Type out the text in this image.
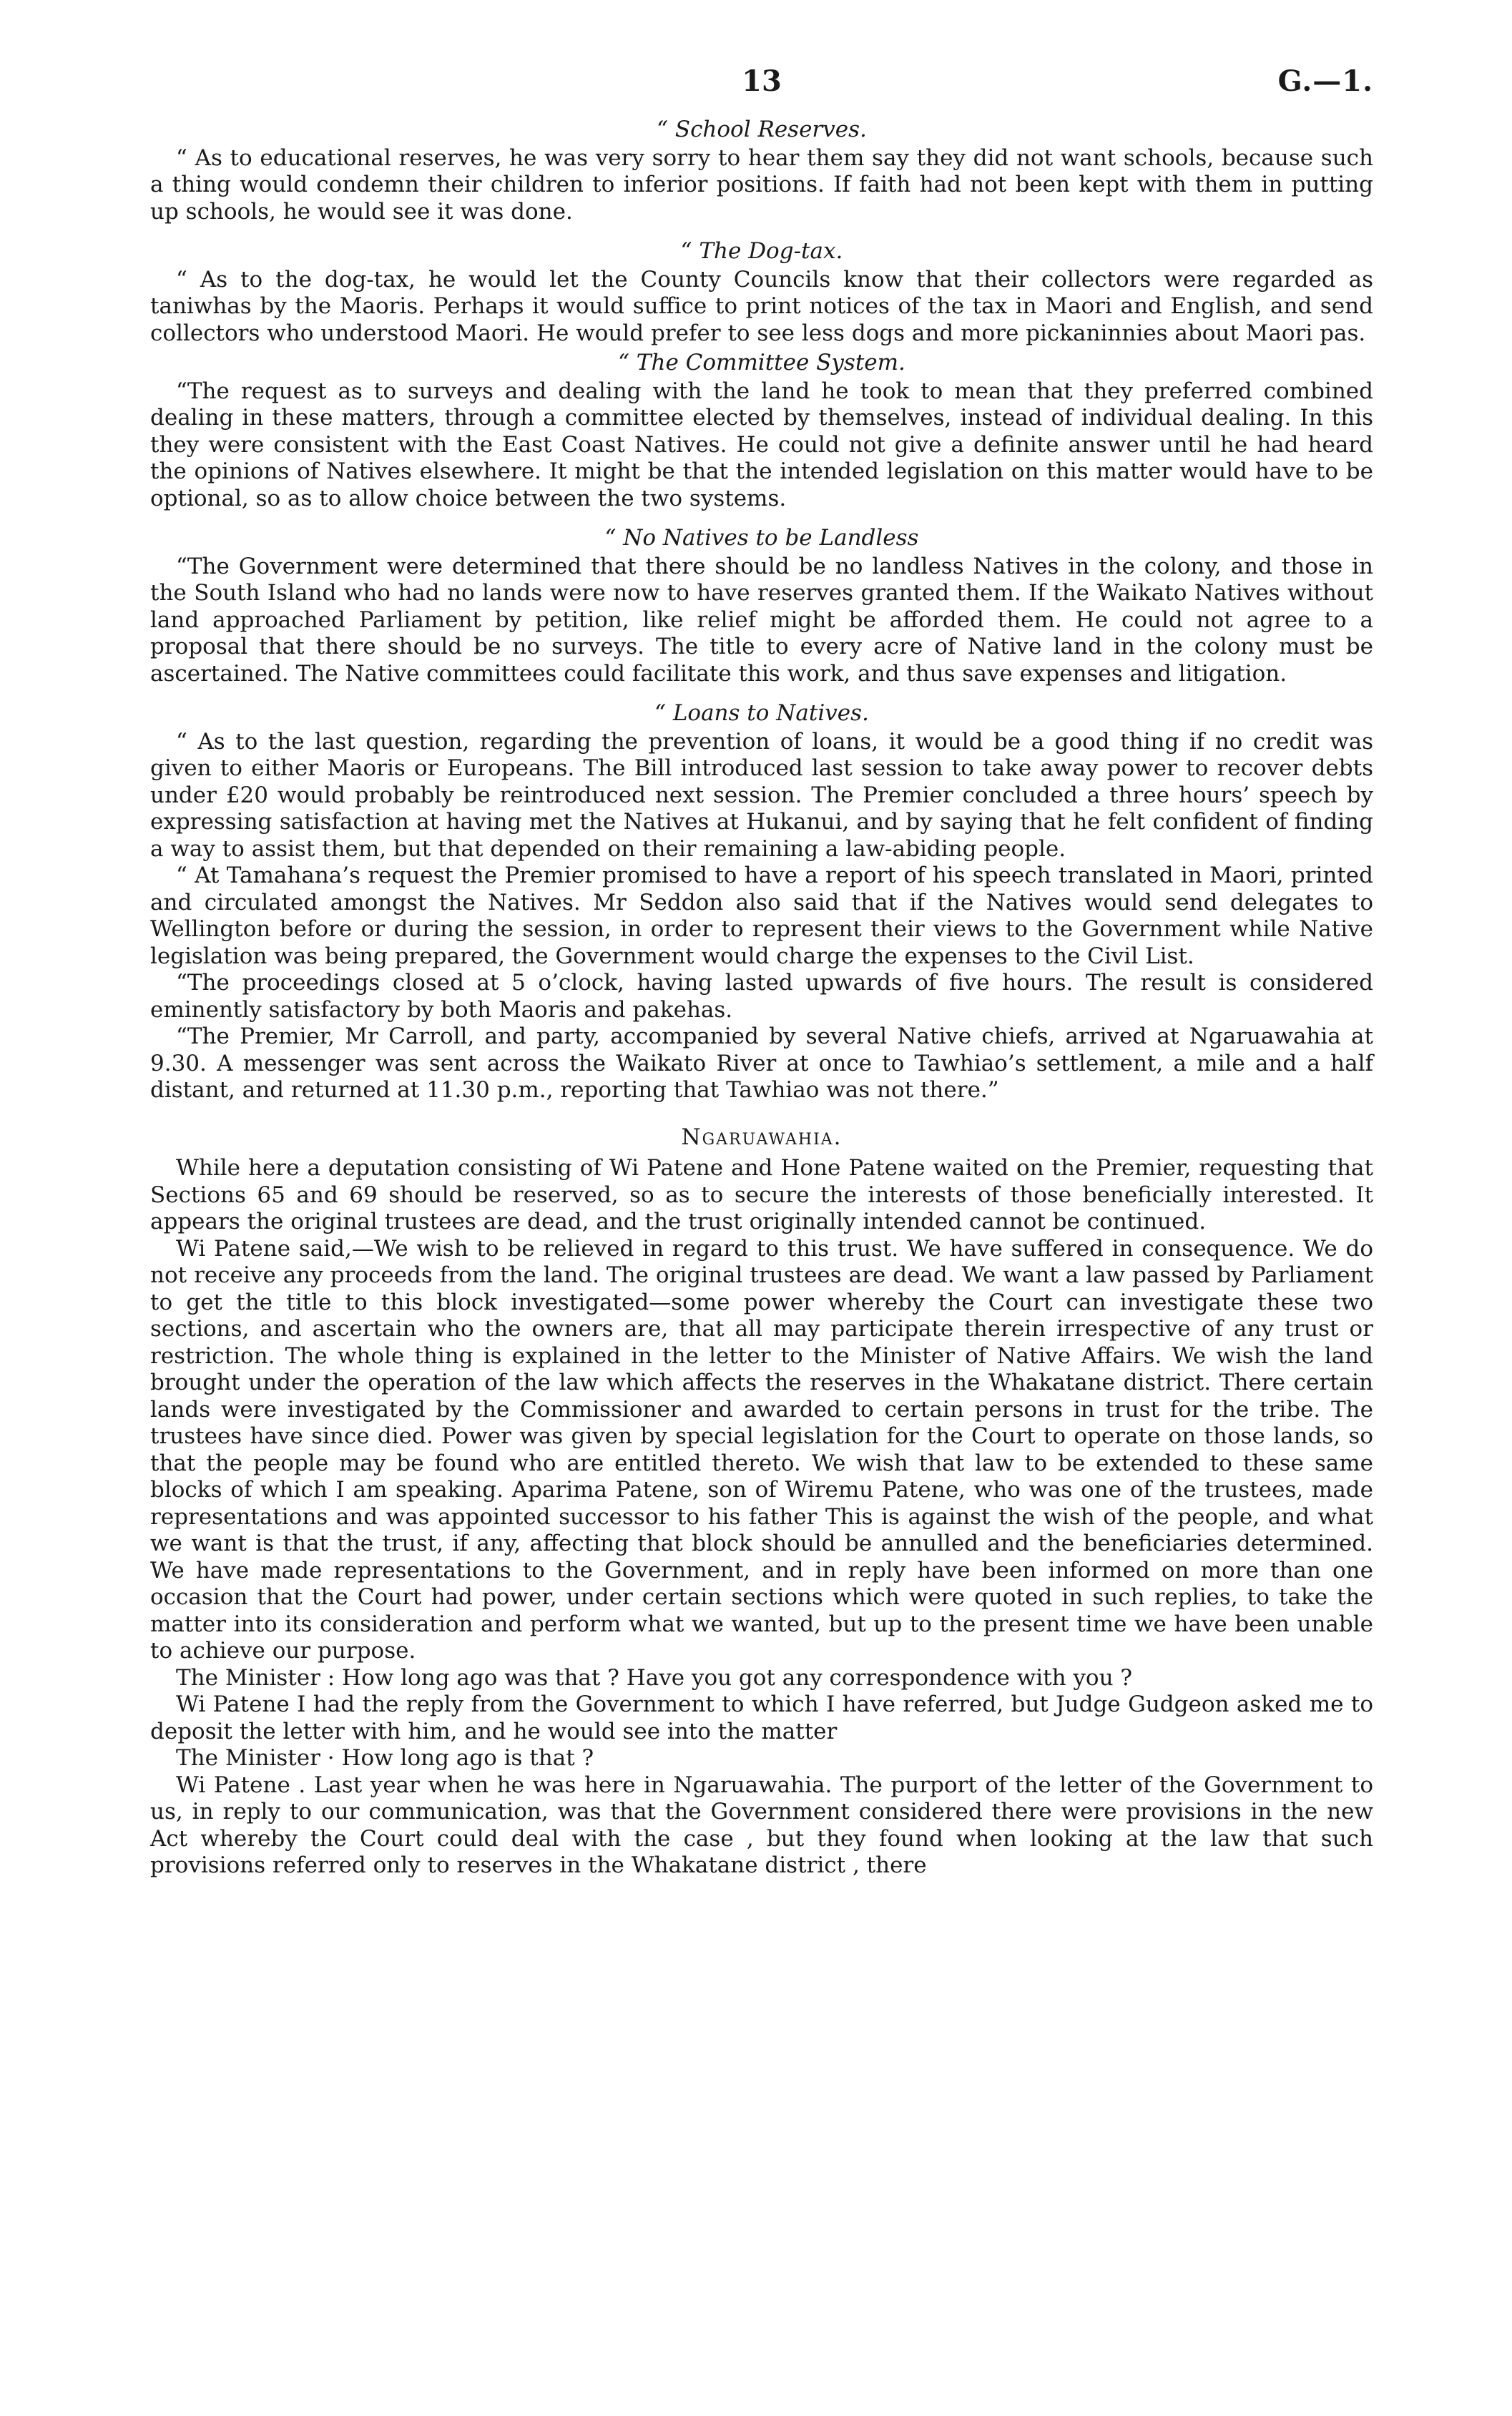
13	G.—1.
“ School Reserves.

“ As to educational reserves, he was very sorry to hear them say they did not want schools, because such a thing would condemn their children to inferior positions. If faith had not been kept with them in putting up schools, he would see it was done.

“ The Dog-tax.

“ As to the dog-tax, he would let the County Councils know that their collectors were regarded as taniwhas by the Maoris. Perhaps it would suffice to print notices of the tax in Maori and English, and send collectors who understood Maori. He would prefer to see less dogs and more pickaninnies about Maori pas.

“ The Committee System.

“The request as to surveys and dealing with the land he took to mean that they preferred combined dealing in these matters, through a committee elected by themselves, instead of individual dealing. In this they were consistent with the East Coast Natives. He could not give a definite answer until he had heard the opinions of Natives elsewhere. It might be that the intended legislation on this matter would have to be optional, so as to allow choice between the two systems.

“ No Natives to be Landless

“The Government were determined that there should be no landless Natives in the colony, and those in the South Island who had no lands were now to have reserves granted them. If the Waikato Natives without land approached Parliament by petition, like relief might be afforded them. He could not agree to a proposal that there should be no surveys. The title to every acre of Native land in the colony must be ascertained. The Native committees could facilitate this work, and thus save expenses and litigation.

“ Loans to Natives.

“ As to the last question, regarding the prevention of loans, it would be a good thing if no credit was given to either Maoris or Europeans. The Bill introduced last session to take away power to recover debts under £20 would probably be reintroduced next session. The Premier concluded a three hours’ speech by expressing satisfaction at having met the Natives at Hukanui, and by saying that he felt confident of finding a way to assist them, but that depended on their remaining a law-abiding people.

“ At Tamahana’s request the Premier promised to have a report of his speech translated in Maori, printed and circulated amongst the Natives. Mr Seddon also said that if the Natives would send delegates to Wellington before or during the session, in order to represent their views to the Government while Native legislation was being prepared, the Government would charge the expenses to the Civil List.

“The proceedings closed at 5 o’clock, having lasted upwards of five hours. The result is considered eminently satisfactory by both Maoris and pakehas.

“The Premier, Mr Carroll, and party, accompanied by several Native chiefs, arrived at Ngaruawahia at 9.30. A messenger was sent across the Waikato River at once to Tawhiao’s settlement, a mile and a half distant, and returned at 11.30 p.m., reporting that Tawhiao was not there.”

Ngaruawahia.

While here a deputation consisting of Wi Patene and Hone Patene waited on the Premier, requesting that Sections 65 and 69 should be reserved, so as to secure the interests of those beneficially interested. It appears the original trustees are dead, and the trust originally intended cannot be continued.

Wi Patene said,—We wish to be relieved in regard to this trust. We have suffered in consequence. We do not receive any proceeds from the land. The original trustees are dead. We want a law passed by Parliament to get the title to this block investigated—some power whereby the Court can investigate these two sections, and ascertain who the owners are, that all may participate therein irrespective of any trust or restriction. The whole thing is explained in the letter to the Minister of Native Affairs. We wish the land brought under the operation of the law which affects the reserves in the Whakatane district. There certain lands were investigated by the Commissioner and awarded to certain persons in trust for the tribe. The trustees have since died. Power was given by special legislation for the Court to operate on those lands, so that the people may be found who are entitled thereto. We wish that law to be extended to these same blocks of which I am speaking. Aparima Patene, son of Wiremu Patene, who was one of the trustees, made representations and was appointed successor to his father This is against the wish of the people, and what we want is that the trust, if any, affecting that block should be annulled and the beneficiaries determined. We have made representations to the Government, and in reply have been informed on more than one occasion that the Court had power, under certain sections which were quoted in such replies, to take the matter into its consideration and perform what we wanted, but up to the present time we have been unable to achieve our purpose.

The Minister : How long ago was that ? Have you got any correspondence with you ?

Wi Patene I had the reply from the Government to which I have referred, but Judge Gudgeon asked me to deposit the letter with him, and he would see into the matter

The Minister · How long ago is that ?

Wi Patene . Last year when he was here in Ngaruawahia. The purport of the letter of the Government to us, in reply to our communication, was that the Government considered there were provisions in the new Act whereby the Court could deal with the case , but they found when looking at the law that such provisions referred only to reserves in the Whakatane district , there
